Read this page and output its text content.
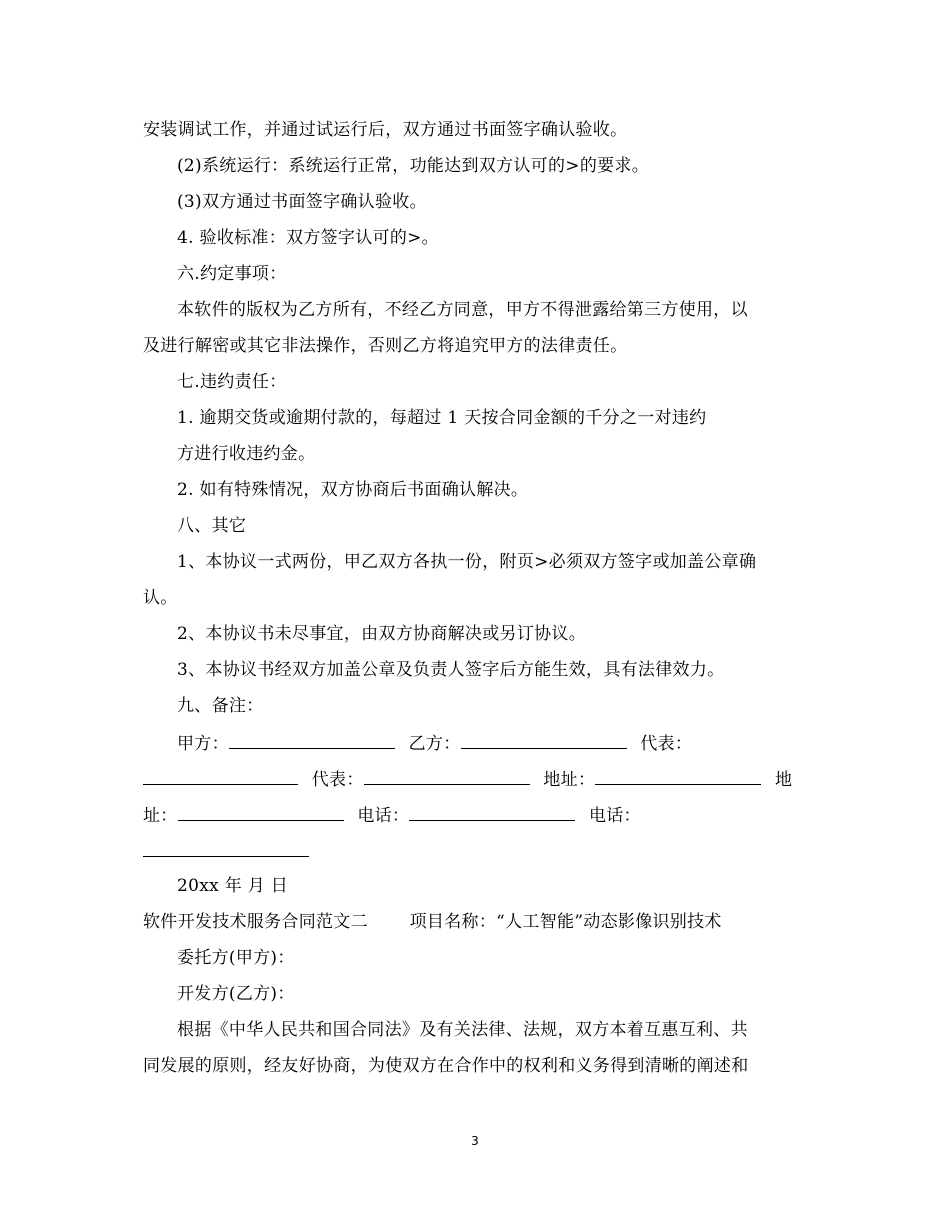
安装调试工作，并通过试运行后，双方通过书面签字确认验收。
(2)系统运行：系统运行正常，功能达到双方认可的>的要求。
(3)双方通过书面签字确认验收。
4. 验收标准：双方签字认可的>。
六.约定事项：
本软件的版权为乙方所有，不经乙方同意，甲方不得泄露给第三方使用，以
及进行解密或其它非法操作，否则乙方将追究甲方的法律责任。
七.违约责任：
1. 逾期交货或逾期付款的，每超过 1 天按合同金额的千分之一对违约
方进行收违约金。
2. 如有特殊情况，双方协商后书面确认解决。
八、其它
1、本协议一式两份，甲乙双方各执一份，附页>必须双方签字或加盖公章确
认。
2、本协议书未尽事宜，由双方协商解决或另订协议。
3、本协议书经双方加盖公章及负责人签字后方能生效，具有法律效力。
九、备注：
甲方：	乙方：	代表：
代表：	地址：	地
址：	电话：	电话：
20xx 年 月 日
软件开发技术服务合同范文二 项目名称：“人工智能”动态影像识别技术
委托方(甲方)：
开发方(乙方)：
根据《中华人民共和国合同法》及有关法律、法规，双方本着互惠互利、共
同发展的原则，经友好协商，为使双方在合作中的权利和义务得到清晰的阐述和
3
